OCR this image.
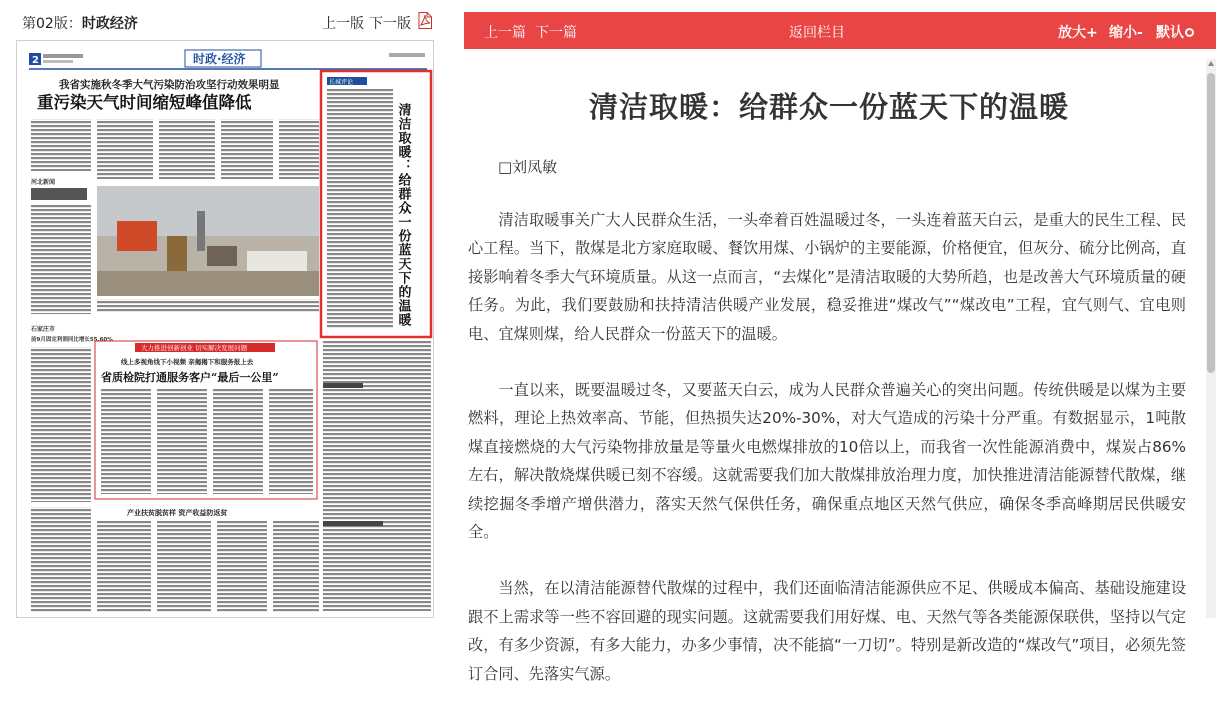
第02版：时政经济	上一版 下一版
2	时政·经济
我省实施秋冬季大气污染防治攻坚行动效果明显
重污染天气时间缩短峰值降低
河北新闻
长城评论
清洁取暖：给群众一份蓝天下的温暖
石家庄市
前9月固定利润同比增长55.60%
大力推进创新创业 切实解决发展问题
线上多视角线下小视频 亲揭揭下和服务报上去
省质检院打通服务客户“最后一公里”
产业扶贫脱贫样 资产收益防返贫
上一篇 下一篇	返回栏目	放大+ 缩小- 默认
清洁取暖：给群众一份蓝天下的温暖
□刘凤敏

清洁取暖事关广大人民群众生活，一头牵着百姓温暖过冬，一头连着蓝天白云，是重大的民生工程、民心工程。当下，散煤是北方家庭取暖、餐饮用煤、小锅炉的主要能源，价格便宜，但灰分、硫分比例高，直接影响着冬季大气环境质量。从这一点而言，“去煤化”是清洁取暖的大势所趋，也是改善大气环境质量的硬任务。为此，我们要鼓励和扶持清洁供暖产业发展，稳妥推进“煤改气”“煤改电”工程，宜气则气、宜电则电、宜煤则煤，给人民群众一份蓝天下的温暖。

一直以来，既要温暖过冬，又要蓝天白云，成为人民群众普遍关心的突出问题。传统供暖是以煤为主要燃料，理论上热效率高、节能，但热损失达20%-30%，对大气造成的污染十分严重。有数据显示，1吨散煤直接燃烧的大气污染物排放量是等量火电燃煤排放的10倍以上，而我省一次性能源消费中，煤炭占86%左右，解决散烧煤供暖已刻不容缓。这就需要我们加大散煤排放治理力度，加快推进清洁能源替代散煤，继续挖掘冬季增产增供潜力，落实天然气保供任务，确保重点地区天然气供应，确保冬季高峰期居民供暖安全。

当然，在以清洁能源替代散煤的过程中，我们还面临清洁能源供应不足、供暖成本偏高、基础设施建设跟不上需求等一些不容回避的现实问题。这就需要我们用好煤、电、天然气等各类能源保联供，坚持以气定改，有多少资源，有多大能力，办多少事情，决不能搞“一刀切”。特别是新改造的“煤改气”项目，必须先签订合同、先落实气源。
